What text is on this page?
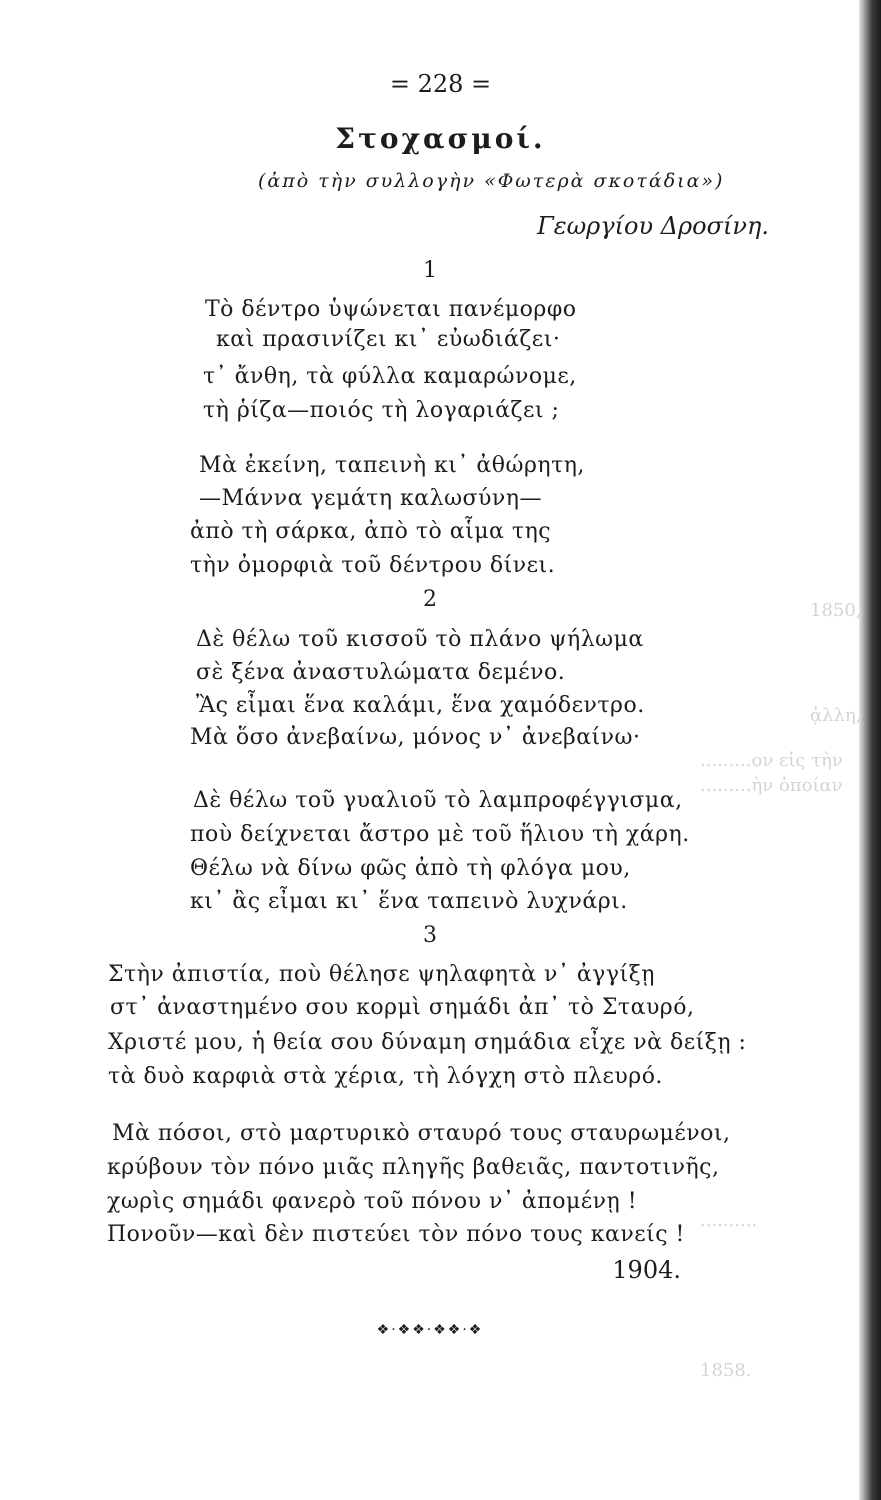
1850,
ᾀλλη,
.........ον εἰς τὴν
.........ὴν ὁποίαν
..........
1858.
= 228 =
Στοχασμοί.
(ἀπὸ τὴν συλλογὴν «Φωτερὰ σκοτάδια»)
Γεωργίου Δροσίνη.
1
Τὸ δέντρο ὑψώνεται πανέμορφο
καὶ πρασινίζει κι᾿ εὐωδιάζει·
τ᾿ ἄνθη, τὰ φύλλα καμαρώνομε,
τὴ ῥίζα—ποιός τὴ λογαριάζει ;
Μὰ ἐκείνη, ταπεινὴ κι᾿ ἀθώρητη,
—Μάννα γεμάτη καλωσύνη—
ἀπὸ τὴ σάρκα, ἀπὸ τὸ αἷμα της
τὴν ὀμορφιὰ τοῦ δέντρου δίνει.
2
Δὲ θέλω τοῦ κισσοῦ τὸ πλάνο ψήλωμα
σὲ ξένα ἀναστυλώματα δεμένο.
Ἂς εἶμαι ἕνα καλάμι, ἕνα χαμόδεντρο.
Μὰ ὅσο ἀνεβαίνω, μόνος ν᾿ ἀνεβαίνω·
Δὲ θέλω τοῦ γυαλιοῦ τὸ λαμπροφέγγισμα,
ποὺ δείχνεται ἄστρο μὲ τοῦ ἥλιου τὴ χάρη.
Θέλω νὰ δίνω φῶς ἀπὸ τὴ φλόγα μου,
κι᾿ ἂς εἶμαι κι᾿ ἕνα ταπεινὸ λυχνάρι.
3
Στὴν ἀπιστία, ποὺ θέλησε ψηλαφητὰ ν᾿ ἀγγίξῃ
στ᾿ ἀναστημένο σου κορμὶ σημάδι ἀπ᾿ τὸ Σταυρό,
Χριστέ μου, ἡ θεία σου δύναμη σημάδια εἶχε νὰ δείξῃ :
τὰ δυὸ καρφιὰ στὰ χέρια, τὴ λόγχη στὸ πλευρό.
Μὰ πόσοι, στὸ μαρτυρικὸ σταυρό τους σταυρωμένοι,
κρύβουν τὸν πόνο μιᾶς πληγῆς βαθειᾶς, παντοτινῆς,
χωρὶς σημάδι φανερὸ τοῦ πόνου ν᾿ ἀπομένῃ !
Πονοῦν—καὶ δὲν πιστεύει τὸν πόνο τους κανείς !
1904.
❖·❖❖·❖❖·❖
